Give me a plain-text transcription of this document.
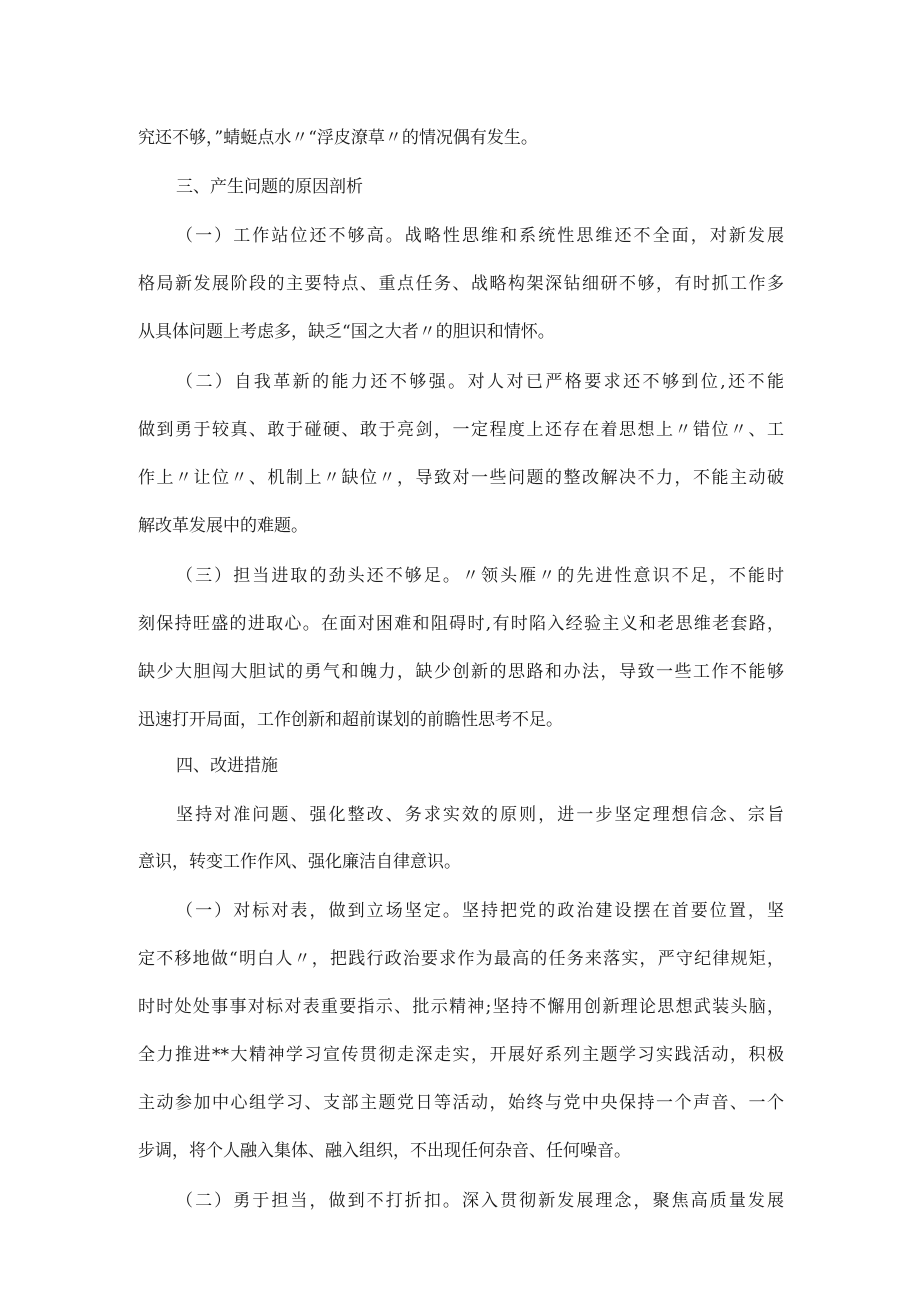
究还不够，”蜻蜓点水〃“浮皮潦草〃的情况偶有发生。
三、产生问题的原因剖析
（一）工作站位还不够高。战略性思维和系统性思维还不全面，对新发展
格局新发展阶段的主要特点、重点任务、战略构架深钻细研不够，有时抓工作多
从具体问题上考虑多，缺乏“国之大者〃的胆识和情怀。
（二）自我革新的能力还不够强。对人对已严格要求还不够到位,还不能
做到勇于较真、敢于碰硬、敢于亮剑，一定程度上还存在着思想上〃错位〃、工
作上〃让位〃、机制上〃缺位〃，导致对一些问题的整改解决不力，不能主动破
解改革发展中的难题。
（三）担当进取的劲头还不够足。〃领头雁〃的先进性意识不足，不能时
刻保持旺盛的进取心。在面对困难和阻碍时,有时陷入经验主义和老思维老套路，
缺少大胆闯大胆试的勇气和魄力，缺少创新的思路和办法，导致一些工作不能够
迅速打开局面，工作创新和超前谋划的前瞻性思考不足。
四、改进措施
坚持对准问题、强化整改、务求实效的原则，进一步坚定理想信念、宗旨
意识，转变工作作风、强化廉洁自律意识。
（一）对标对表，做到立场坚定。坚持把党的政治建设摆在首要位置，坚
定不移地做“明白人〃，把践行政治要求作为最高的任务来落实，严守纪律规矩，
时时处处事事对标对表重要指示、批示精神;坚持不懈用创新理论思想武装头脑，
全力推进**大精神学习宣传贯彻走深走实，开展好系列主题学习实践活动，积极
主动参加中心组学习、支部主题党日等活动，始终与党中央保持一个声音、一个
步调，将个人融入集体、融入组织，不出现任何杂音、任何噪音。
（二）勇于担当，做到不打折扣。深入贯彻新发展理念，聚焦高质量发展
